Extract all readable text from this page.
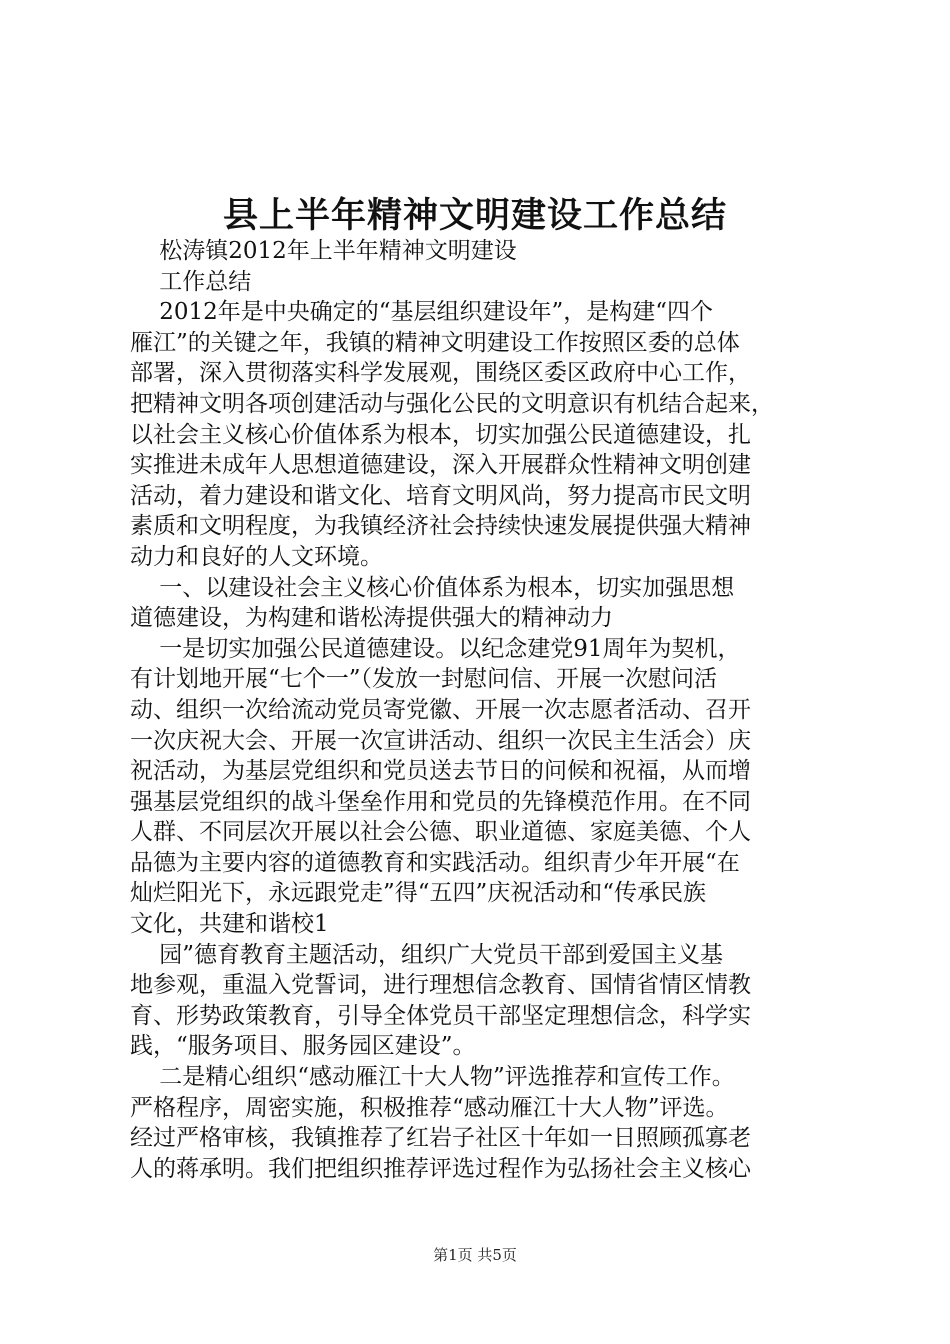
县上半年精神文明建设工作总结
松涛镇2012年上半年精神文明建设
工作总结
2012年是中央确定的“基层组织建设年”，是构建“四个
雁江”的关键之年，我镇的精神文明建设工作按照区委的总体
部署，深入贯彻落实科学发展观，围绕区委区政府中心工作，
把精神文明各项创建活动与强化公民的文明意识有机结合起来，
以社会主义核心价值体系为根本，切实加强公民道德建设，扎
实推进未成年人思想道德建设，深入开展群众性精神文明创建
活动，着力建设和谐文化、培育文明风尚，努力提高市民文明
素质和文明程度，为我镇经济社会持续快速发展提供强大精神
动力和良好的人文环境。
一、以建设社会主义核心价值体系为根本，切实加强思想
道德建设，为构建和谐松涛提供强大的精神动力
一是切实加强公民道德建设。以纪念建党91周年为契机，
有计划地开展“七个一”（发放一封慰问信、开展一次慰问活
动、组织一次给流动党员寄党徽、开展一次志愿者活动、召开
一次庆祝大会、开展一次宣讲活动、组织一次民主生活会）庆
祝活动，为基层党组织和党员送去节日的问候和祝福，从而增
强基层党组织的战斗堡垒作用和党员的先锋模范作用。在不同
人群、不同层次开展以社会公德、职业道德、家庭美德、个人
品德为主要内容的道德教育和实践活动。组织青少年开展“在
灿烂阳光下，永远跟党走”得“五四”庆祝活动和“传承民族
文化，共建和谐校1
园”德育教育主题活动，组织广大党员干部到爱国主义基
地参观，重温入党誓词，进行理想信念教育、国情省情区情教
育、形势政策教育，引导全体党员干部坚定理想信念，科学实
践，“服务项目、服务园区建设”。
二是精心组织“感动雁江十大人物”评选推荐和宣传工作。
严格程序，周密实施，积极推荐“感动雁江十大人物”评选。
经过严格审核，我镇推荐了红岩子社区十年如一日照顾孤寡老
人的蒋承明。我们把组织推荐评选过程作为弘扬社会主义核心
第1页 共5页
